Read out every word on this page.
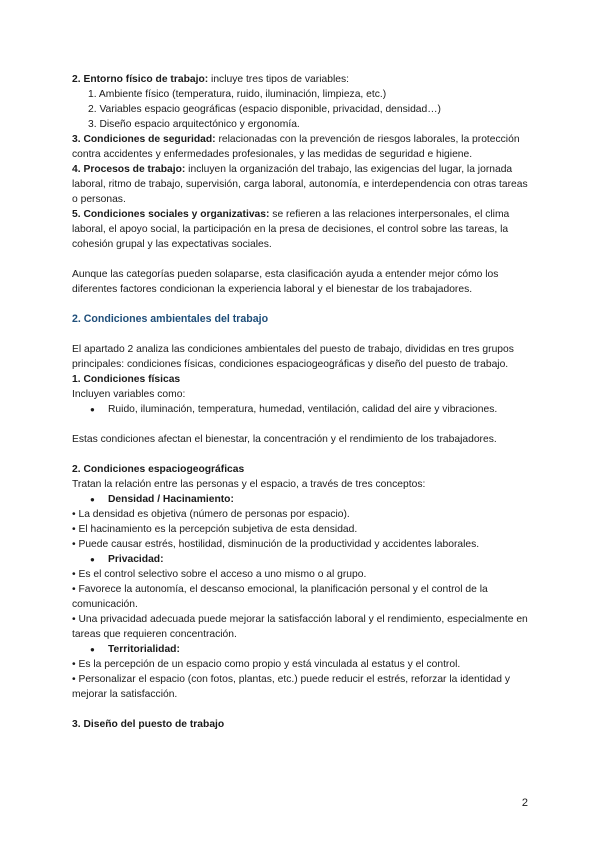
2. Entorno físico de trabajo: incluye tres tipos de variables:

1. Ambiente físico (temperatura, ruido, iluminación, limpieza, etc.)
2. Variables espacio geográficas (espacio disponible, privacidad, densidad…)
3. Diseño espacio arquitectónico y ergonomía.

3. Condiciones de seguridad: relacionadas con la prevención de riesgos laborales, la protección contra accidentes y enfermedades profesionales, y las medidas de seguridad e higiene.

4. Procesos de trabajo: incluyen la organización del trabajo, las exigencias del lugar, la jornada laboral, ritmo de trabajo, supervisión, carga laboral, autonomía, e interdependencia con otras tareas o personas.

5. Condiciones sociales y organizativas: se refieren a las relaciones interpersonales, el clima laboral, el apoyo social, la participación en la presa de decisiones, el control sobre las tareas, la cohesión grupal y las expectativas sociales.

Aunque las categorías pueden solaparse, esta clasificación ayuda a entender mejor cómo los diferentes factores condicionan la experiencia laboral y el bienestar de los trabajadores.

2. Condiciones ambientales del trabajo

El apartado 2 analiza las condiciones ambientales del puesto de trabajo, divididas en tres grupos principales: condiciones físicas, condiciones espaciogeográficas y diseño del puesto de trabajo.

1. Condiciones físicas

Incluyen variables como:

● Ruido, iluminación, temperatura, humedad, ventilación, calidad del aire y vibraciones.

Estas condiciones afectan el bienestar, la concentración y el rendimiento de los trabajadores.

2. Condiciones espaciogeográficas

Tratan la relación entre las personas y el espacio, a través de tres conceptos:

● Densidad / Hacinamiento:

• La densidad es objetiva (número de personas por espacio).

• El hacinamiento es la percepción subjetiva de esta densidad.

• Puede causar estrés, hostilidad, disminución de la productividad y accidentes laborales.

● Privacidad:

• Es el control selectivo sobre el acceso a uno mismo o al grupo.

• Favorece la autonomía, el descanso emocional, la planificación personal y el control de la comunicación.

• Una privacidad adecuada puede mejorar la satisfacción laboral y el rendimiento, especialmente en tareas que requieren concentración.

● Territorialidad:

• Es la percepción de un espacio como propio y está vinculada al estatus y el control.

• Personalizar el espacio (con fotos, plantas, etc.) puede reducir el estrés, reforzar la identidad y mejorar la satisfacción.

3. Diseño del puesto de trabajo

2
